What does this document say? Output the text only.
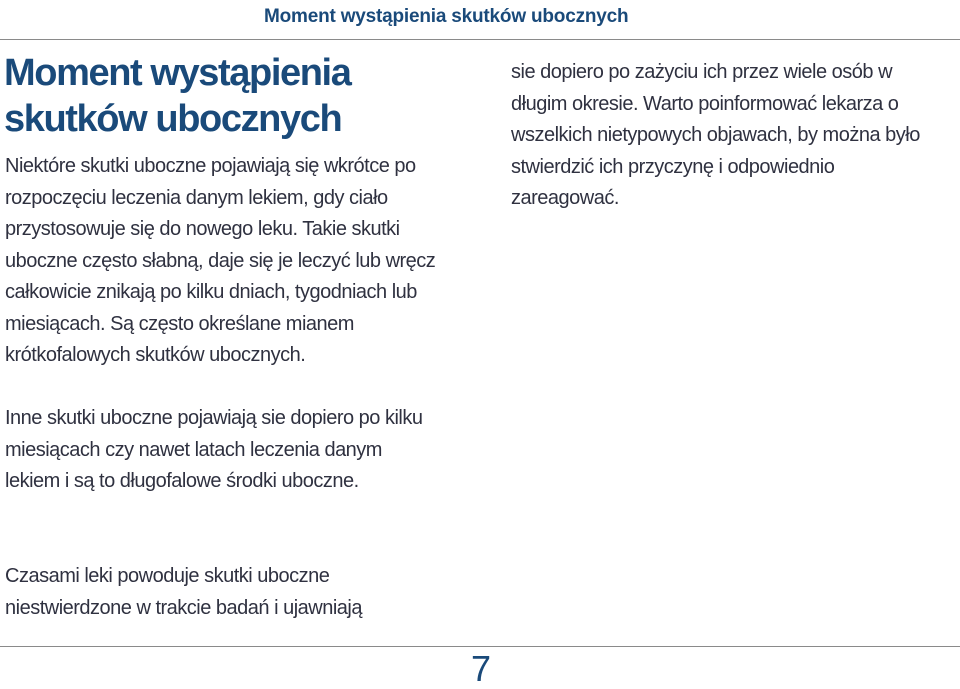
Moment wystąpienia skutków ubocznych
Moment wystąpienia skutków ubocznych

Niektóre skutki uboczne pojawiają się wkrótce po rozpoczęciu leczenia danym lekiem, gdy ciało przystosowuje się do nowego leku. Takie skutki uboczne często słabną, daje się je leczyć lub wręcz całkowicie znikają po kilku dniach, tygodniach lub miesiącach. Są często określane mianem krótkofalowych skutków ubocznych.

Inne skutki uboczne pojawiają sie dopiero po kilku miesiącach czy nawet latach leczenia danym lekiem i są to długofalowe środki uboczne.

Czasami leki powoduje skutki uboczne niestwierdzone w trakcie badań i ujawniają

sie dopiero po zażyciu ich przez wiele osób w długim okresie. Warto poinformować lekarza o wszelkich nietypowych objawach, by można było stwierdzić ich przyczynę i odpowiednio zareagować.

7
